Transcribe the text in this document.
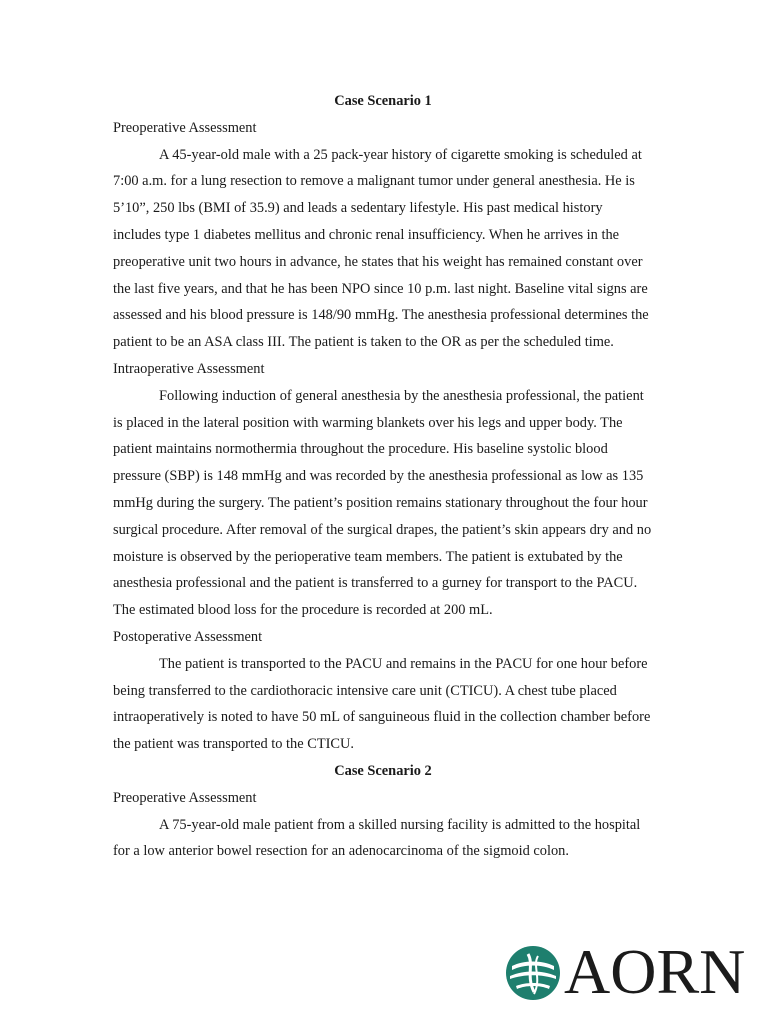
Case Scenario 1
Preoperative Assessment
A 45-year-old male with a 25 pack-year history of cigarette smoking is scheduled at 7:00 a.m. for a lung resection to remove a malignant tumor under general anesthesia. He is 5’10”, 250 lbs (BMI of 35.9) and leads a sedentary lifestyle. His past medical history includes type 1 diabetes mellitus and chronic renal insufficiency. When he arrives in the preoperative unit two hours in advance, he states that his weight has remained constant over the last five years, and that he has been NPO since 10 p.m. last night. Baseline vital signs are assessed and his blood pressure is 148/90 mmHg. The anesthesia professional determines the patient to be an ASA class III. The patient is taken to the OR as per the scheduled time.
Intraoperative Assessment
Following induction of general anesthesia by the anesthesia professional, the patient is placed in the lateral position with warming blankets over his legs and upper body. The patient maintains normothermia throughout the procedure. His baseline systolic blood pressure (SBP) is 148 mmHg and was recorded by the anesthesia professional as low as 135 mmHg during the surgery. The patient’s position remains stationary throughout the four hour surgical procedure. After removal of the surgical drapes, the patient’s skin appears dry and no moisture is observed by the perioperative team members. The patient is extubated by the anesthesia professional and the patient is transferred to a gurney for transport to the PACU. The estimated blood loss for the procedure is recorded at 200 mL.
Postoperative Assessment
The patient is transported to the PACU and remains in the PACU for one hour before being transferred to the cardiothoracic intensive care unit (CTICU). A chest tube placed intraoperatively is noted to have 50 mL of sanguineous fluid in the collection chamber before the patient was transported to the CTICU.
Case Scenario 2
Preoperative Assessment
A 75-year-old male patient from a skilled nursing facility is admitted to the hospital for a low anterior bowel resection for an adenocarcinoma of the sigmoid colon.
AORN
